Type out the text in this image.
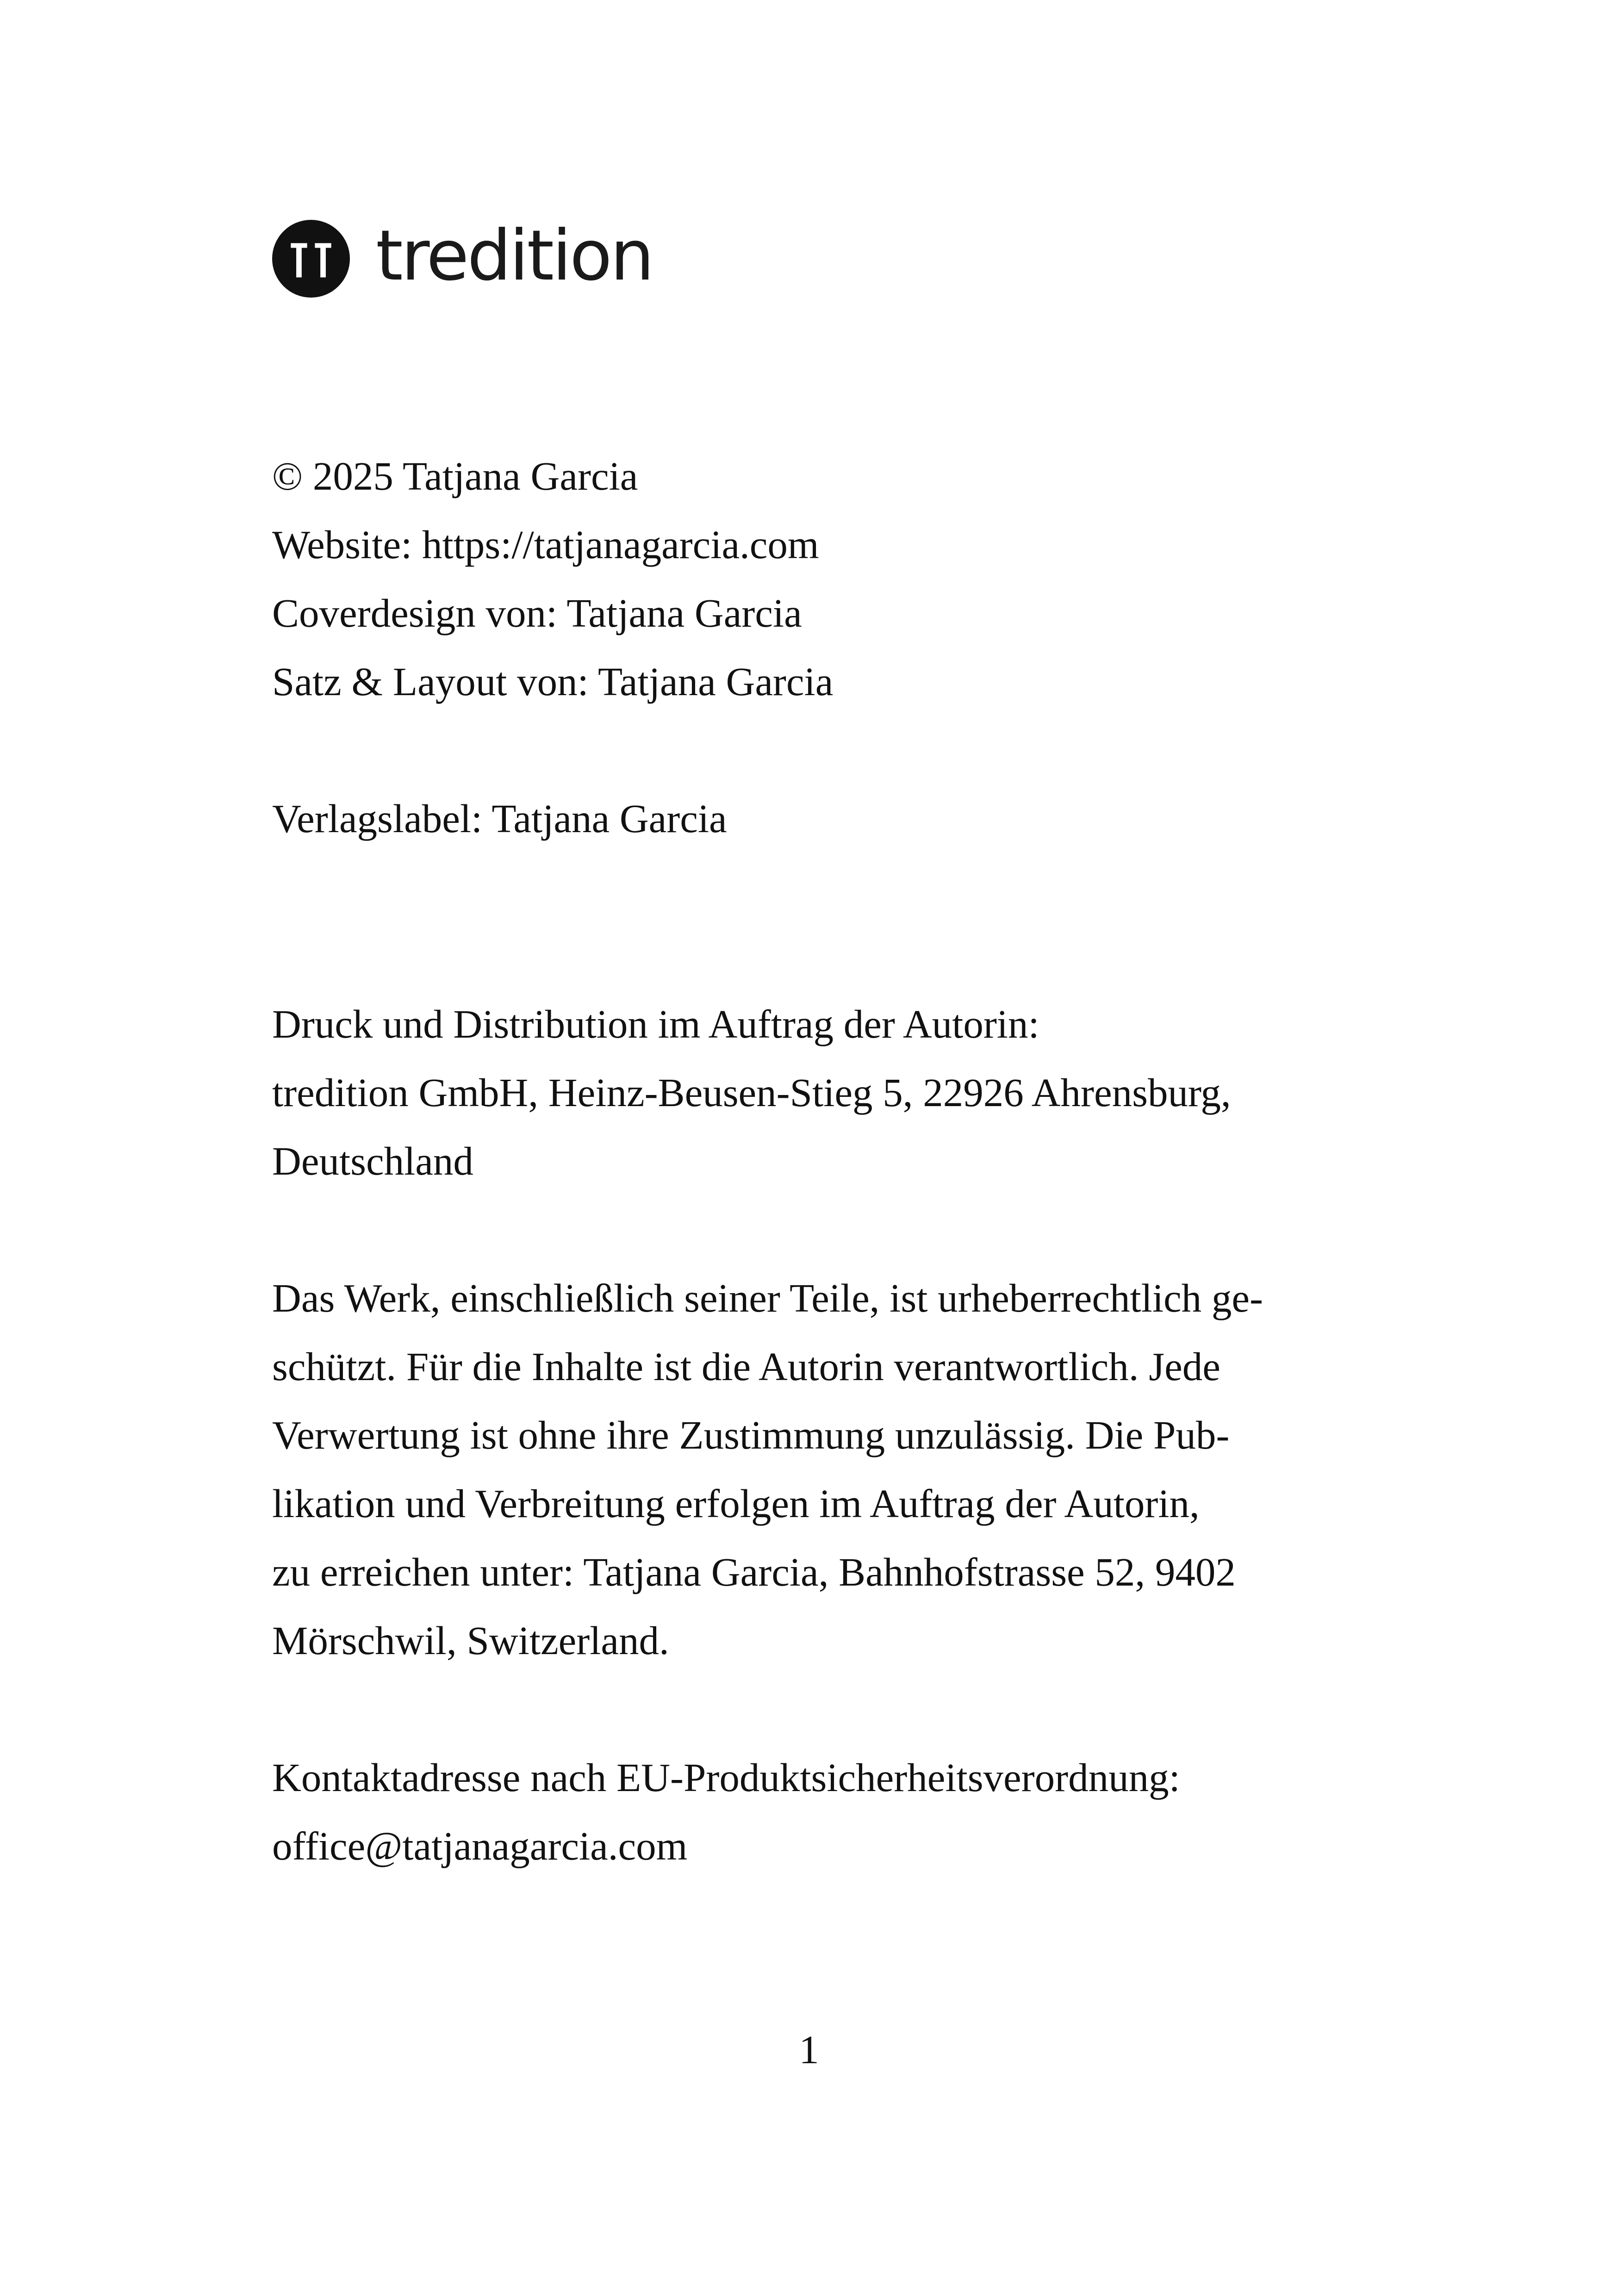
tredition

© 2025 Tatjana Garcia

Website: https://tatjanagarcia.com

Coverdesign von: Tatjana Garcia

Satz & Layout von: Tatjana Garcia

Verlagslabel: Tatjana Garcia

Druck und Distribution im Auftrag der Autorin:

tredition GmbH, Heinz-Beusen-Stieg 5, 22926 Ahrensburg,

Deutschland

Das Werk, einschließlich seiner Teile, ist urheberrechtlich ge-

schützt. Für die Inhalte ist die Autorin verantwortlich. Jede

Verwertung ist ohne ihre Zustimmung unzulässig. Die Pub-

likation und Verbreitung erfolgen im Auftrag der Autorin,

zu erreichen unter: Tatjana Garcia, Bahnhofstrasse 52, 9402

Mörschwil, Switzerland.

Kontaktadresse nach EU-Produktsicherheitsverordnung:

office@tatjanagarcia.com

1
